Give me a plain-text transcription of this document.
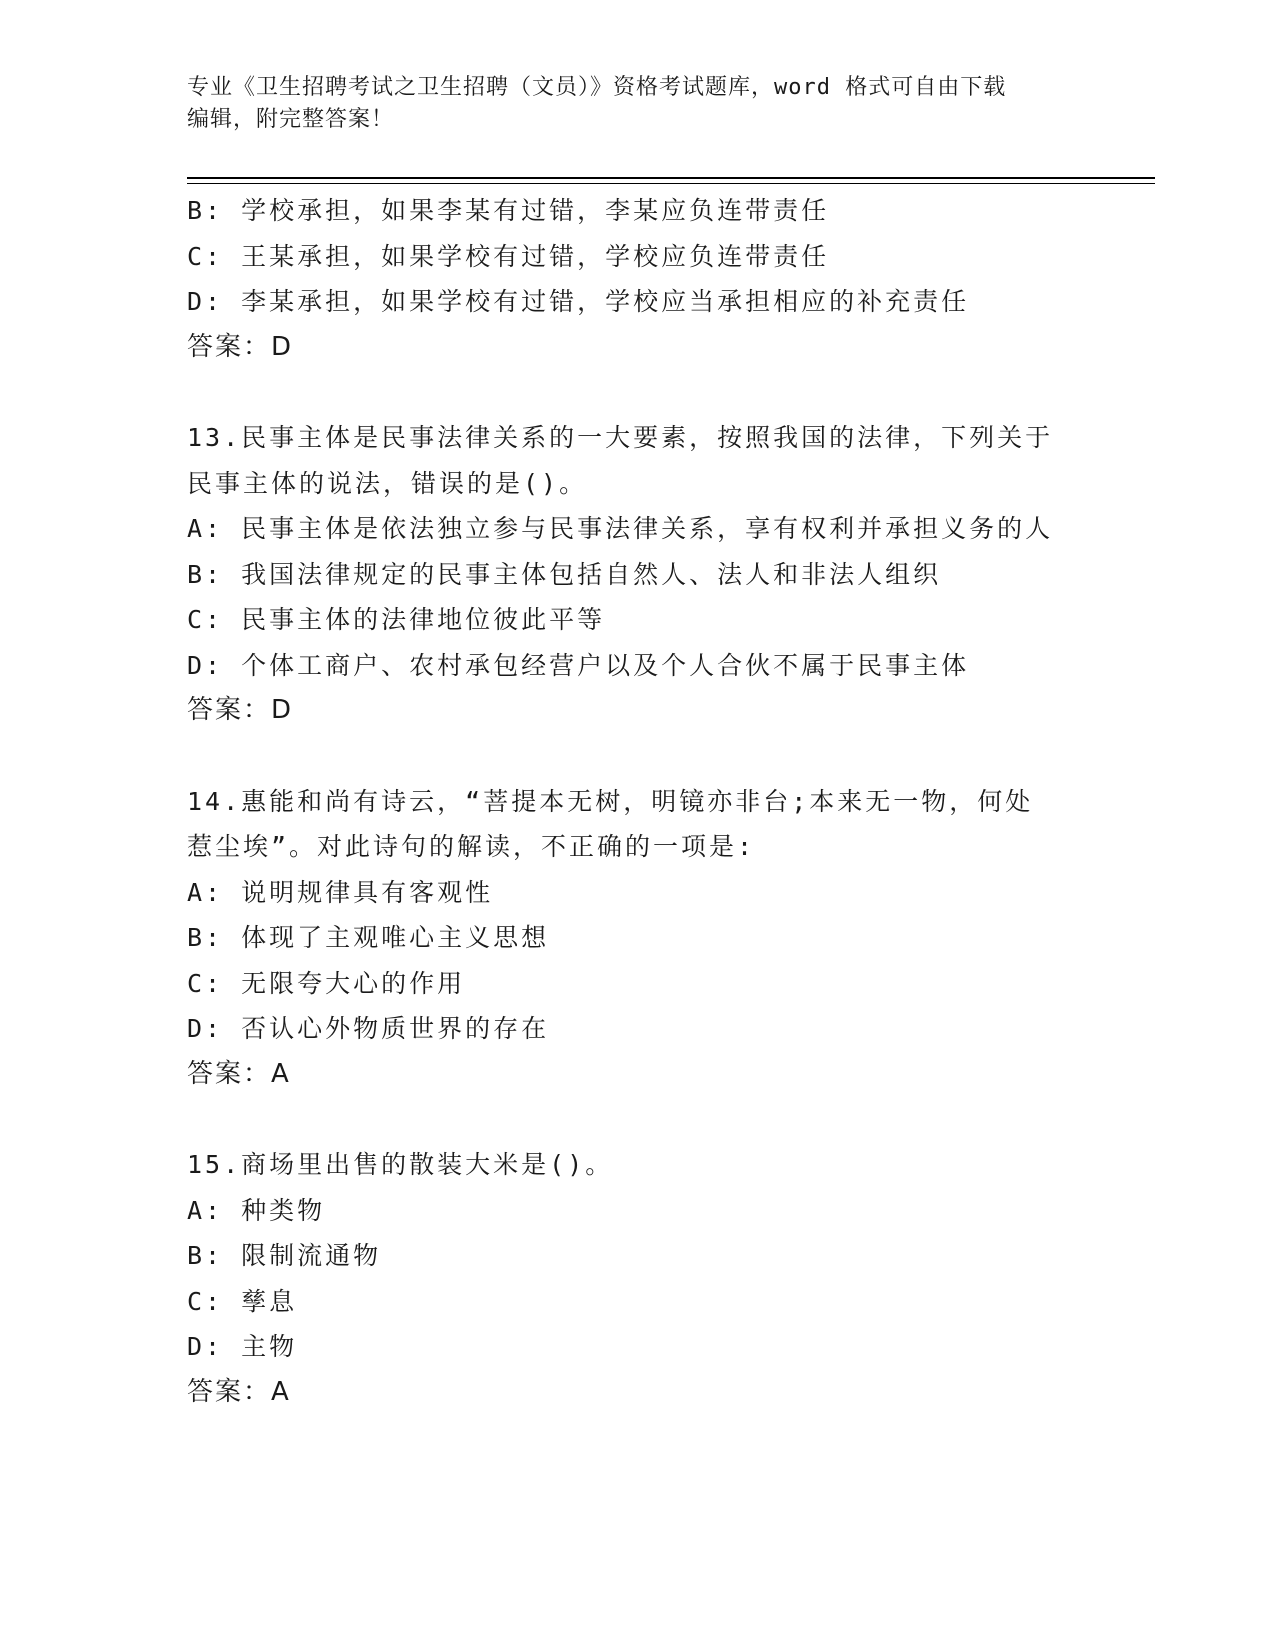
专业《卫生招聘考试之卫生招聘（文员）》资格考试题库，word 格式可自由下载
编辑，附完整答案！
B: 学校承担，如果李某有过错，李某应负连带责任
C: 王某承担，如果学校有过错，学校应负连带责任
D: 李某承担，如果学校有过错，学校应当承担相应的补充责任
答案：D
13.民事主体是民事法律关系的一大要素，按照我国的法律，下列关于
民事主体的说法，错误的是()。
A: 民事主体是依法独立参与民事法律关系，享有权利并承担义务的人
B: 我国法律规定的民事主体包括自然人、法人和非法人组织
C: 民事主体的法律地位彼此平等
D: 个体工商户、农村承包经营户以及个人合伙不属于民事主体
答案：D
14.惠能和尚有诗云，“菩提本无树，明镜亦非台;本来无一物，何处
惹尘埃”。对此诗句的解读，不正确的一项是:
A: 说明规律具有客观性
B: 体现了主观唯心主义思想
C: 无限夸大心的作用
D: 否认心外物质世界的存在
答案：A
15.商场里出售的散装大米是()。
A: 种类物
B: 限制流通物
C: 孳息
D: 主物
答案：A
